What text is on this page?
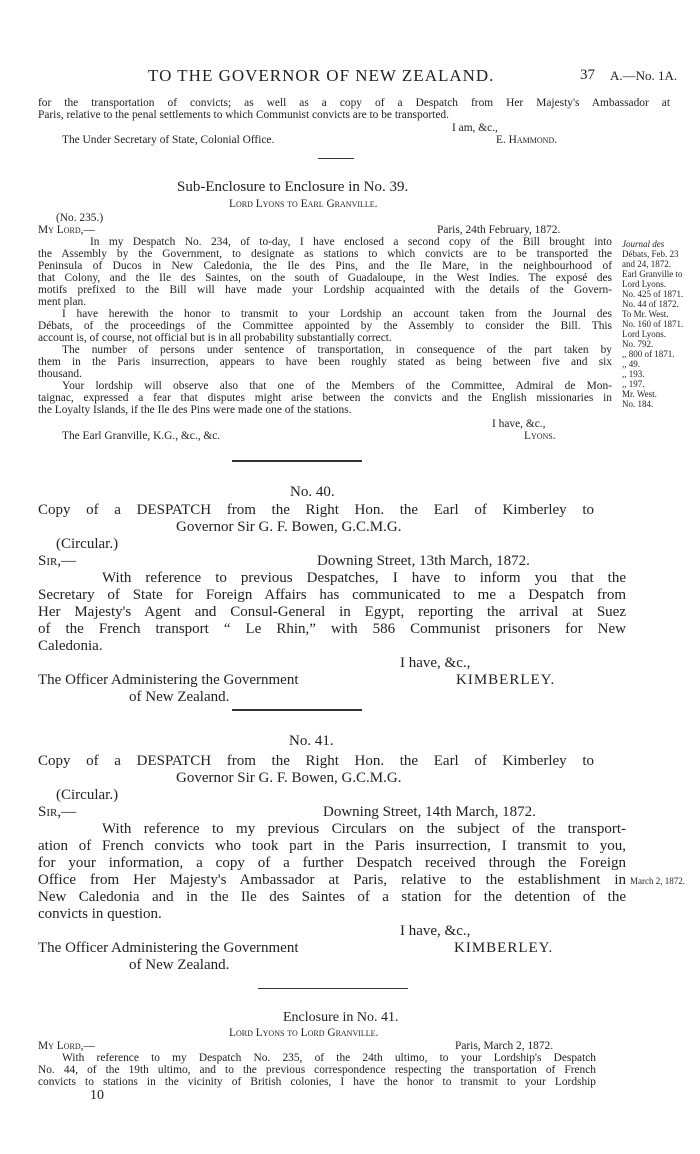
TO THE GOVERNOR OF NEW ZEALAND.	37 A.—No. 1A.
for the transportation of convicts; as well as a copy of a Despatch from Her Majesty's Ambassador at
Paris, relative to the penal settlements to which Communist convicts are to be transported.
I am, &c.,
The Under Secretary of State, Colonial Office.	E. Hammond.
Sub-Enclosure to Enclosure in No. 39.
Lord Lyons to Earl Granville.
(No. 235.)
My Lord,—	Paris, 24th February, 1872.
In my Despatch No. 234, of to-day, I have enclosed a second copy of the Bill brought into
the Assembly by the Government, to designate as stations to which convicts are to be transported the
Peninsula of Ducos in New Caledonia, the Ile des Pins, and the Ile Mare, in the neighbourhood of
that Colony, and the Ile des Saintes, on the south of Guadaloupe, in the West Indies. The exposé des
motifs prefixed to the Bill will have made your Lordship acquainted with the details of the Govern-
ment plan.
I have herewith the honor to transmit to your Lordship an account taken from the Journal des
Débats, of the proceedings of the Committee appointed by the Assembly to consider the Bill. This
account is, of course, not official but is in all probability substantially correct.
The number of persons under sentence of transportation, in consequence of the part taken by
them in the Paris insurrection, appears to have been roughly stated as being between five and six
thousand.
Your lordship will observe also that one of the Members of the Committee, Admiral de Mon-
taignac, expressed a fear that disputes might arise between the convicts and the English missionaries in
the Loyalty Islands, if the Ile des Pins were made one of the stations.
Journal des
Débats, Feb. 23
and 24, 1872.
Earl Granville to
Lord Lyons.
No. 425 of 1871.
No. 44 of 1872.
To Mr. West.
No. 160 of 1871.
Lord Lyons.
No. 792.
,, 800 of 1871.
,, 49.
,, 193.
,, 197.
Mr. West.
No. 184.
I have, &c.,
The Earl Granville, K.G., &c., &c.	Lyons.
No. 40.
Copy of a DESPATCH from the Right Hon. the Earl of Kimberley to
Governor Sir G. F. Bowen, G.C.M.G.
(Circular.)
Sir,—	Downing Street, 13th March, 1872.
With reference to previous Despatches, I have to inform you that the
Secretary of State for Foreign Affairs has communicated to me a Despatch from
Her Majesty's Agent and Consul-General in Egypt, reporting the arrival at Suez
of the French transport “ Le Rhin,” with 586 Communist prisoners for New
Caledonia.
I have, &c.,
The Officer Administering the Government
of New Zealand.
KIMBERLEY.
No. 41.
Copy of a DESPATCH from the Right Hon. the Earl of Kimberley to
Governor Sir G. F. Bowen, G.C.M.G.
(Circular.)
Sir,—	Downing Street, 14th March, 1872.
With reference to my previous Circulars on the subject of the transport-
ation of French convicts who took part in the Paris insurrection, I transmit to you,
for your information, a copy of a further Despatch received through the Foreign
Office from Her Majesty's Ambassador at Paris, relative to the establishment in
New Caledonia and in the Ile des Saintes of a station for the detention of the
convicts in question.
March 2, 1872.
I have, &c.,
The Officer Administering the Government
of New Zealand.
KIMBERLEY.
Enclosure in No. 41.
Lord Lyons to Lord Granville.
My Lord,—	Paris, March 2, 1872.
With reference to my Despatch No. 235, of the 24th ultimo, to your Lordship's Despatch
No. 44, of the 19th ultimo, and to the previous correspondence respecting the transportation of French
convicts to stations in the vicinity of British colonies, I have the honor to transmit to your Lordship
10
